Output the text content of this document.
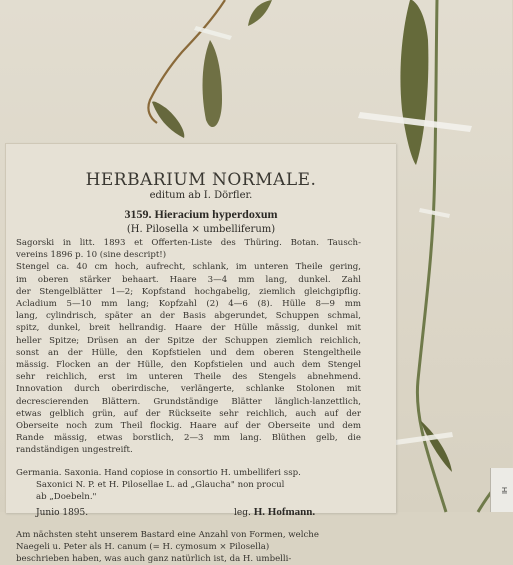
HERBARIUM NORMALE.
editum ab I. Dörfler.
3159. Hieracium hyperdoxum
(H. Pilosella × umbelliferum)
Sagorski in litt. 1893 et Offerten-Liste des Thüring. Botan. Tausch-
vereins 1896 p. 10 (sine descript!)
Stengel ca. 40 cm hoch, aufrecht, schlank, im unteren Theile gering,
im oberen stärker behaart. Haare 3—4 mm lang, dunkel. Zahl
der Stengelblätter 1—2; Kopfstand hochgabelig, ziemlich gleichgipflig.
Acladium 5—10 mm lang; Kopfzahl (2) 4—6 (8). Hülle 8—9 mm
lang, cylindrisch, später an der Basis abgerundet, Schuppen schmal,
spitz, dunkel, breit hellrandig. Haare der Hülle mässig, dunkel mit
heller Spitze; Drüsen an der Spitze der Schuppen ziemlich reichlich,
sonst an der Hülle, den Kopfstielen und dem oberen Stengeltheile
mässig. Flocken an der Hülle, den Kopfstielen und auch dem Stengel
sehr reichlich, erst im unteren Theile des Stengels abnehmend.
Innovation durch oberirdische, verlängerte, schlanke Stolonen mit
decrescierenden Blättern. Grundständige Blätter länglich-lanzettlich,
etwas gelblich grün, auf der Rückseite sehr reichlich, auch auf der
Oberseite noch zum Theil flockig. Haare auf der Oberseite und dem
Rande mässig, etwas borstlich, 2—3 mm lang. Blüthen gelb, die
randständigen ungestreift.
Germania. Saxonia. Hand copiose in consortio H. umbelliferi ssp.
Saxonici N. P. et H. Pilosellae L. ad „Glaucha" non procul
ab „Doebeln."
Junio 1895.	leg. H. Hofmann.
Am nächsten steht unserem Bastard eine Anzahl von Formen, welche
Naegeli u. Peter als H. canum (= H. cymosum × Pilosella)
beschrieben haben, was auch ganz natürlich ist, da H. umbelli-
HI
